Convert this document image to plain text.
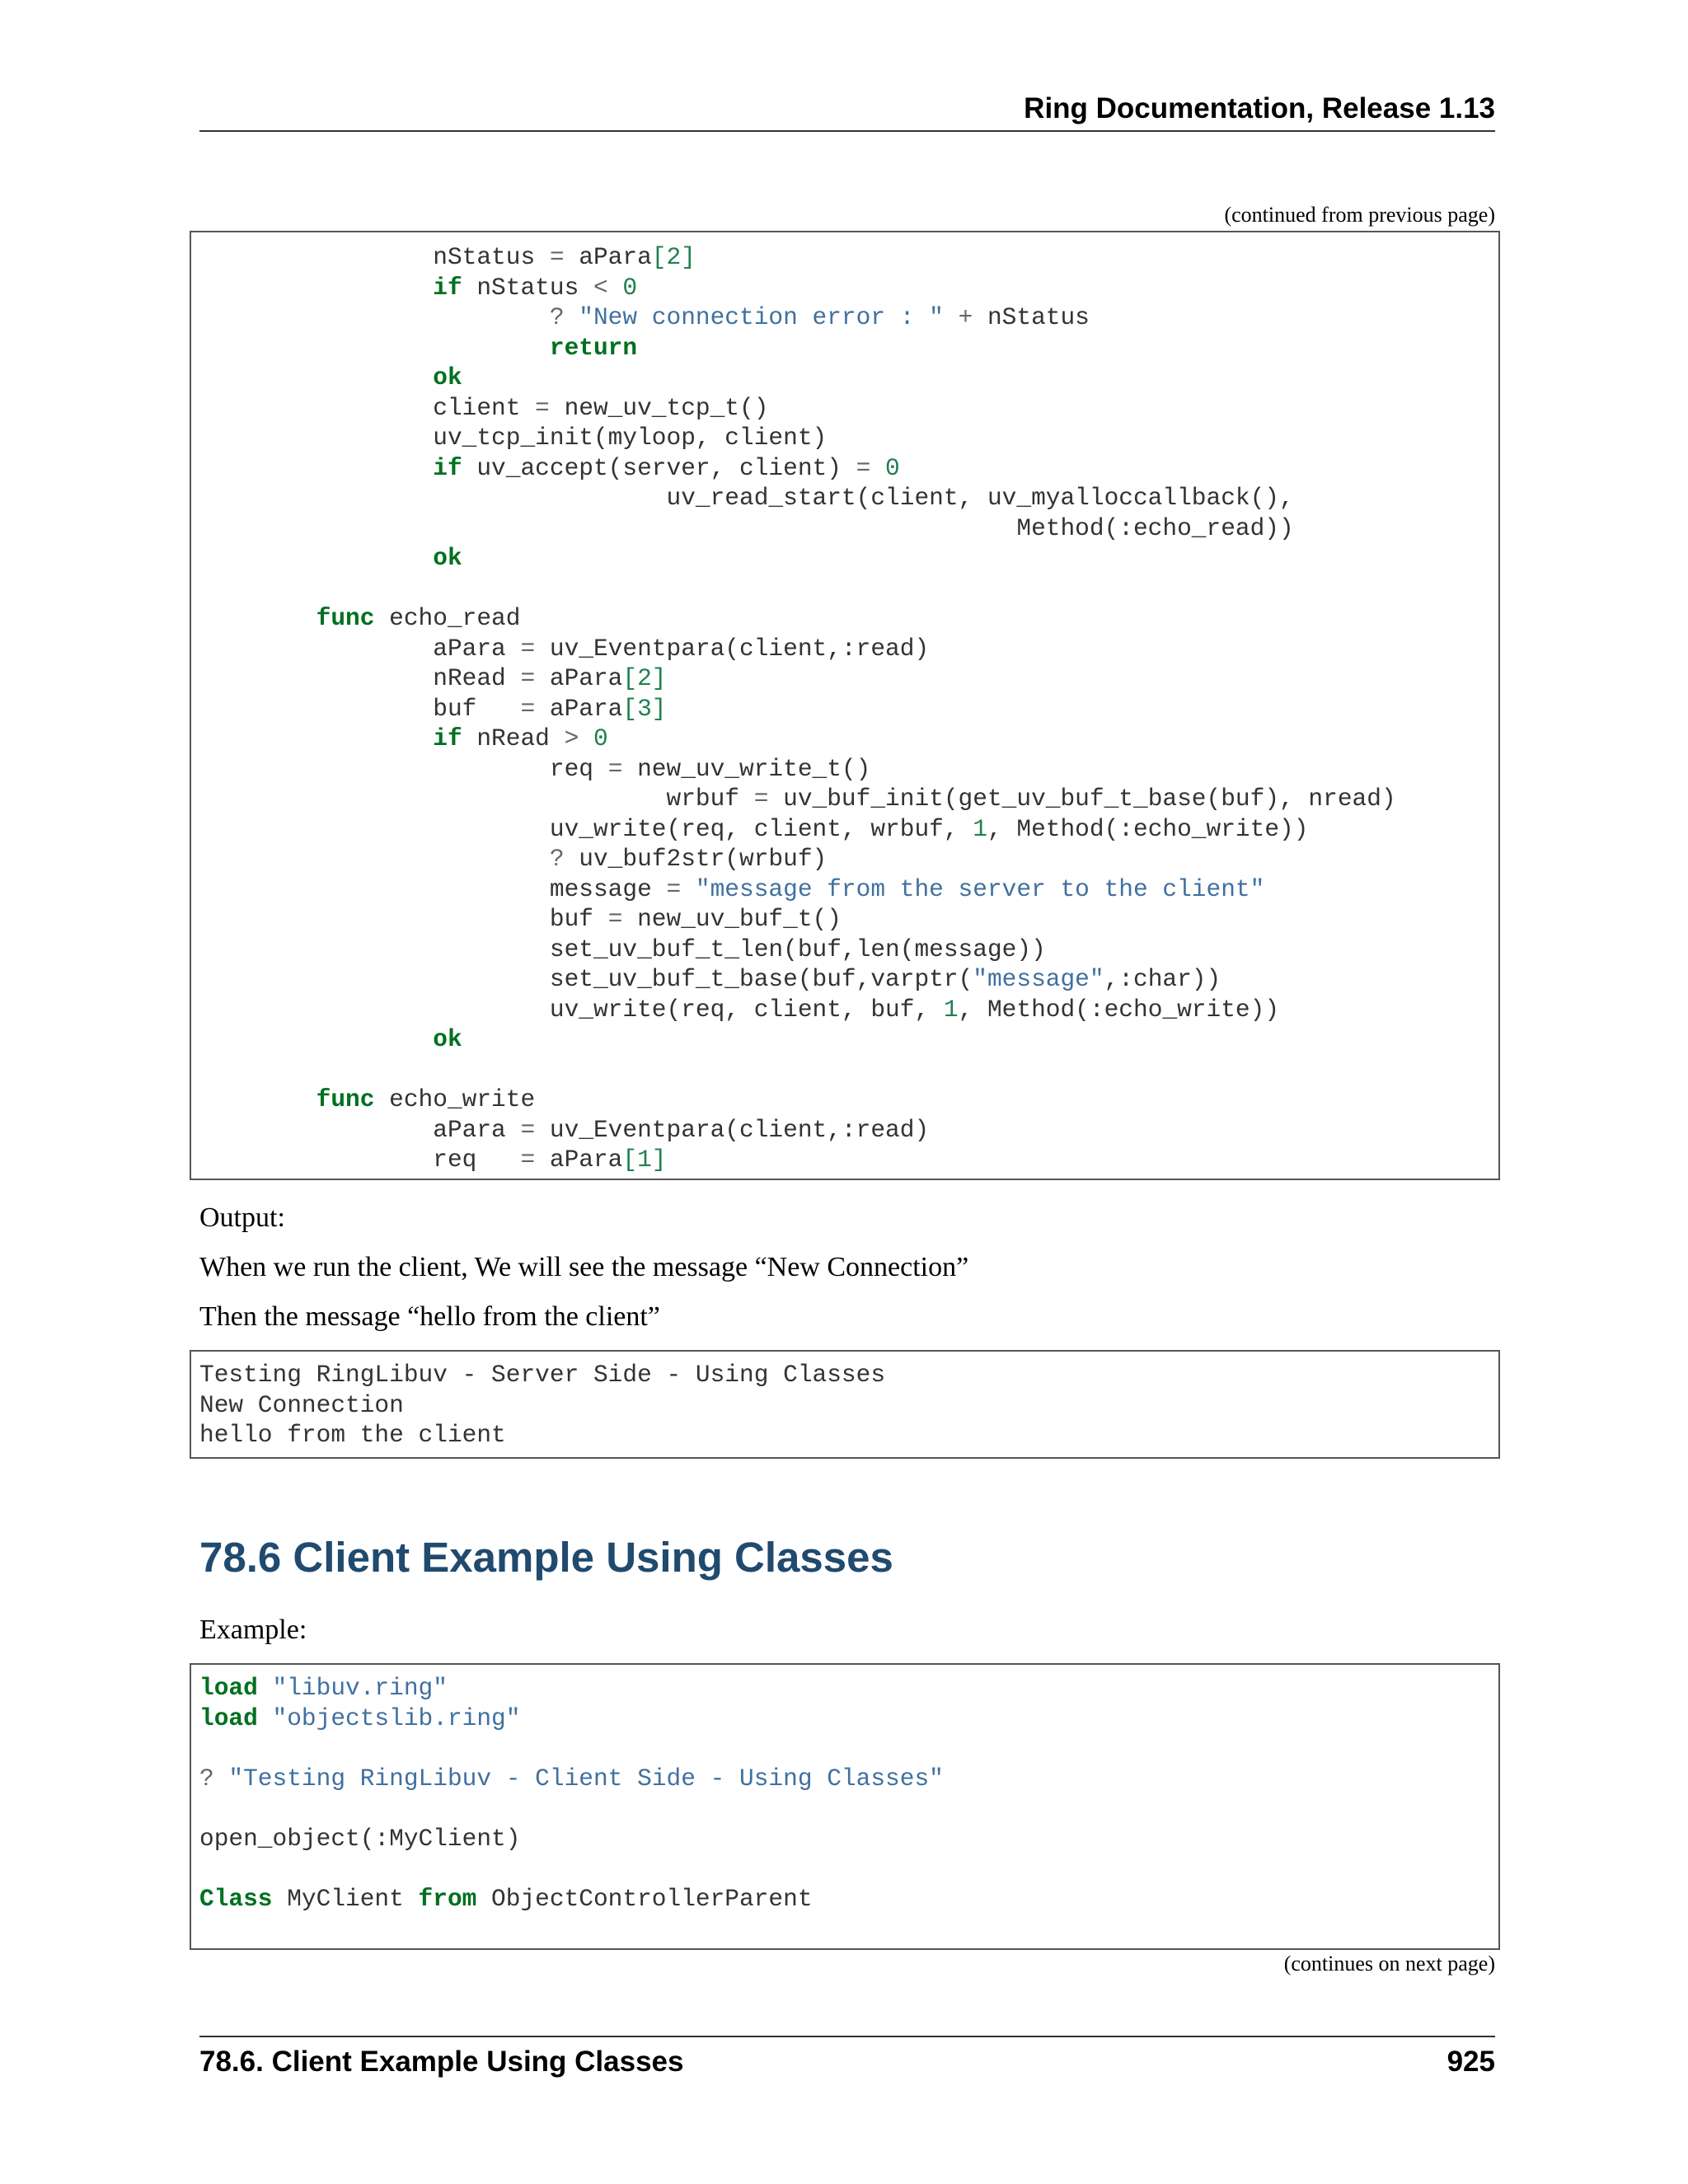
Ring Documentation, Release 1.13
(continued from previous page)
nStatus = aPara[2]
if nStatus < 0
? "New connection error : " + nStatus
return
ok
client = new_uv_tcp_t()
uv_tcp_init(myloop, client)
if uv_accept(server, client) = 0
uv_read_start(client, uv_myalloccallback(),
Method(:echo_read))
ok
func echo_read
aPara = uv_Eventpara(client,:read)
nRead = aPara[2]
buf   = aPara[3]
if nRead > 0
req = new_uv_write_t()
wrbuf = uv_buf_init(get_uv_buf_t_base(buf), nread)
uv_write(req, client, wrbuf, 1, Method(:echo_write))
? uv_buf2str(wrbuf)
message = "message from the server to the client"
buf = new_uv_buf_t()
set_uv_buf_t_len(buf,len(message))
set_uv_buf_t_base(buf,varptr("message",:char))
uv_write(req, client, buf, 1, Method(:echo_write))
ok
func echo_write
aPara = uv_Eventpara(client,:read)
req   = aPara[1]
Output:
When we run the client, We will see the message “New Connection”
Then the message “hello from the client”
Testing RingLibuv - Server Side - Using Classes
New Connection
hello from the client
78.6 Client Example Using Classes
Example:
load "libuv.ring"
load "objectslib.ring"
? "Testing RingLibuv - Client Side - Using Classes"
open_object(:MyClient)
Class MyClient from ObjectControllerParent
(continues on next page)
78.6. Client Example Using Classes	925
